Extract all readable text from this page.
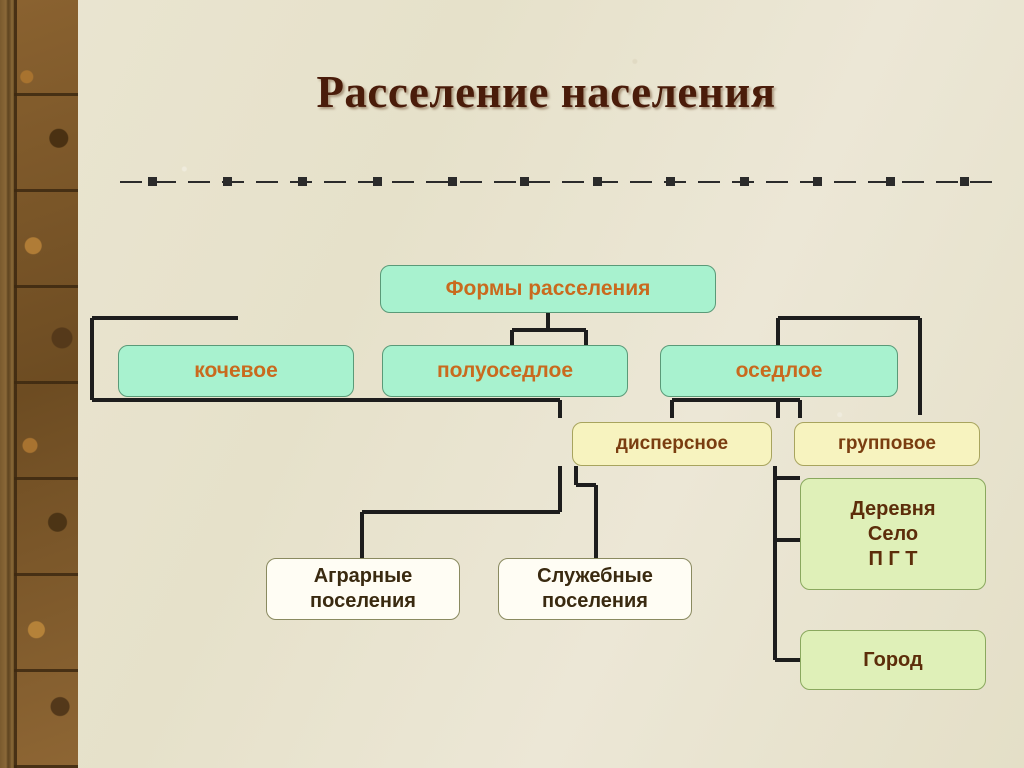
Расселение населения
Формы расселения
кочевое	полуоседлое	оседлое
дисперсное	групповое
Аграрные
поселения
Служебные
поселения
Деревня
Село
П Г Т
Город
